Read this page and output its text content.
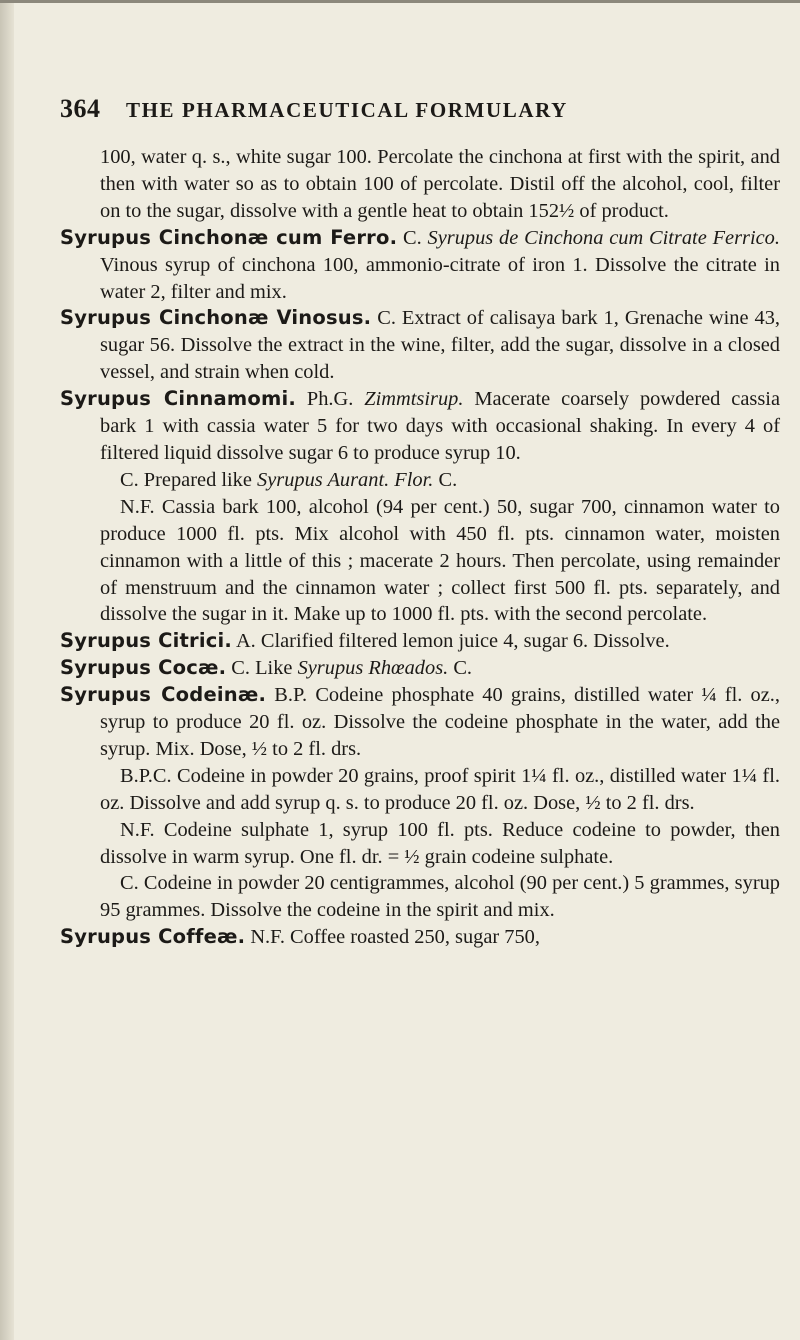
364	THE PHARMACEUTICAL FORMULARY

100, water q. s., white sugar 100. Percolate the cinchona at first with the spirit, and then with water so as to obtain 100 of percolate. Distil off the alcohol, cool, filter on to the sugar, dissolve with a gentle heat to obtain 152½ of product.

Syrupus Cinchonæ cum Ferro. C. Syrupus de Cinchona cum Citrate Ferrico. Vinous syrup of cinchona 100, ammonio-citrate of iron 1. Dissolve the citrate in water 2, filter and mix.

Syrupus Cinchonæ Vinosus. C. Extract of calisaya bark 1, Grenache wine 43, sugar 56. Dissolve the extract in the wine, filter, add the sugar, dissolve in a closed vessel, and strain when cold.

Syrupus Cinnamomi. Ph.G. Zimmtsirup. Macerate coarsely powdered cassia bark 1 with cassia water 5 for two days with occasional shaking. In every 4 of filtered liquid dissolve sugar 6 to produce syrup 10.

C. Prepared like Syrupus Aurant. Flor. C.

N.F. Cassia bark 100, alcohol (94 per cent.) 50, sugar 700, cinnamon water to produce 1000 fl. pts. Mix alcohol with 450 fl. pts. cinnamon water, moisten cinnamon with a little of this ; macerate 2 hours. Then percolate, using remainder of menstruum and the cinnamon water ; collect first 500 fl. pts. separately, and dissolve the sugar in it. Make up to 1000 fl. pts. with the second percolate.

Syrupus Citrici. A. Clarified filtered lemon juice 4, sugar 6. Dissolve.

Syrupus Cocæ. C. Like Syrupus Rhœados. C.

Syrupus Codeinæ. B.P. Codeine phosphate 40 grains, distilled water ¼ fl. oz., syrup to produce 20 fl. oz. Dissolve the codeine phosphate in the water, add the syrup. Mix. Dose, ½ to 2 fl. drs.

B.P.C. Codeine in powder 20 grains, proof spirit 1¼ fl. oz., distilled water 1¼ fl. oz. Dissolve and add syrup q. s. to produce 20 fl. oz. Dose, ½ to 2 fl. drs.

N.F. Codeine sulphate 1, syrup 100 fl. pts. Reduce codeine to powder, then dissolve in warm syrup. One fl. dr. = ½ grain codeine sulphate.

C. Codeine in powder 20 centigrammes, alcohol (90 per cent.) 5 grammes, syrup 95 grammes. Dissolve the codeine in the spirit and mix.

Syrupus Coffeæ. N.F. Coffee roasted 250, sugar 750,
